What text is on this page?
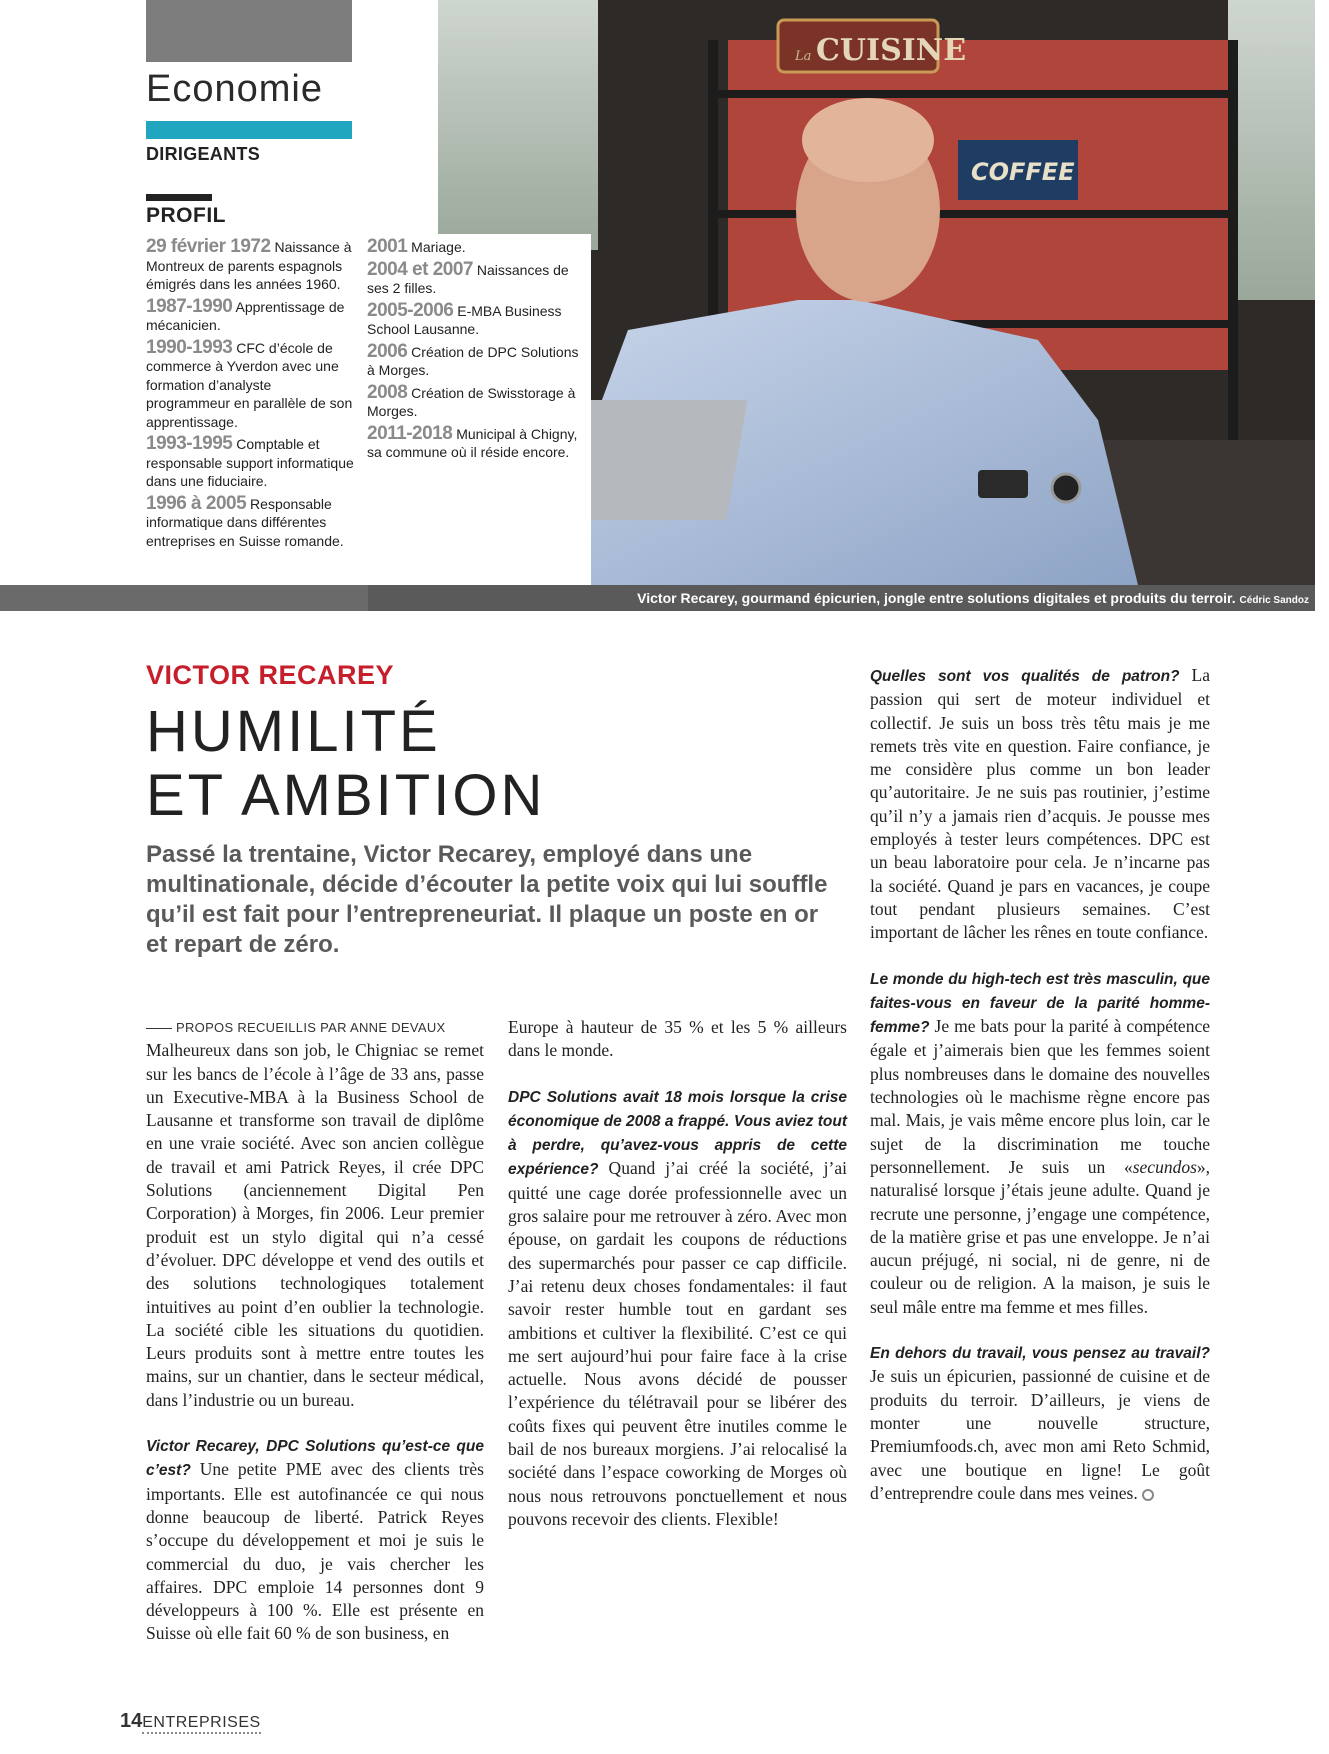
Economie
DIRIGEANTS
PROFIL
La CUISINE
COFFEE

29 février 1972 Naissance à Montreux de parents espagnols émigrés dans les années 1960.

1987-1990 Apprentissage de mécanicien.

1990-1993 CFC d’école de commerce à Yverdon avec une formation d’analyste programmeur en parallèle de son apprentissage.

1993-1995 Comptable et responsable support informatique dans une fiduciaire.

1996 à 2005 Responsable informatique dans différentes entreprises en Suisse romande.

2001 Mariage.

2004 et 2007 Naissances de ses 2 filles.

2005-2006 E-MBA Business School Lausanne.

2006 Création de DPC Solutions à Morges.

2008 Création de Swisstorage à Morges.

2011-2018 Municipal à Chigny, sa commune où il réside encore.

Victor Recarey, gourmand épicurien, jongle entre solutions digitales et produits du terroir. Cédric Sandoz
VICTOR RECAREY
HUMILITÉ
ET AMBITION
Passé la trentaine, Victor Recarey, employé dans une multinationale, décide d’écouter la petite voix qui lui souffle qu’il est fait pour l’entrepreneuriat. Il plaque un poste en or et repart de zéro.
PROPOS RECUEILLIS PAR ANNE DEVAUX

Malheureux dans son job, le Chigniac se remet sur les bancs de l’école à l’âge de 33 ans, passe un Executive-MBA à la Business School de Lausanne et transforme son travail de diplôme en une vraie société. Avec son ancien collègue de travail et ami Patrick Reyes, il crée DPC Solutions (anciennement Digital Pen Corporation) à Morges, fin 2006. Leur premier produit est un stylo digital qui n’a cessé d’évoluer. DPC développe et vend des outils et des solutions technologiques totalement intuitives au point d’en oublier la technologie. La société cible les situations du quotidien. Leurs produits sont à mettre entre toutes les mains, sur un chantier, dans le secteur médical, dans l’industrie ou un bureau.

Victor Recarey, DPC Solutions qu’est-ce que c’est? Une petite PME avec des clients très importants. Elle est autofinancée ce qui nous donne beaucoup de liberté. Patrick Reyes s’occupe du développement et moi je suis le commercial du duo, je vais chercher les affaires. DPC emploie 14 personnes dont 9 développeurs à 100 %. Elle est présente en Suisse où elle fait 60 % de son business, en

Europe à hauteur de 35 % et les 5 % ailleurs dans le monde.

DPC Solutions avait 18 mois lorsque la crise économique de 2008 a frappé. Vous aviez tout à perdre, qu’avez-vous appris de cette expérience? Quand j’ai créé la société, j’ai quitté une cage dorée professionnelle avec un gros salaire pour me retrouver à zéro. Avec mon épouse, on gardait les coupons de réductions des supermarchés pour passer ce cap difficile. J’ai retenu deux choses fondamentales: il faut savoir rester humble tout en gardant ses ambitions et cultiver la flexibilité. C’est ce qui me sert aujourd’hui pour faire face à la crise actuelle. Nous avons décidé de pousser l’expérience du télétravail pour se libérer des coûts fixes qui peuvent être inutiles comme le bail de nos bureaux morgiens. J’ai relocalisé la société dans l’espace coworking de Morges où nous nous retrouvons ponctuellement et nous pouvons recevoir des clients. Flexible!

Quelles sont vos qualités de patron? La passion qui sert de moteur individuel et collectif. Je suis un boss très têtu mais je me remets très vite en question. Faire confiance, je me considère plus comme un bon leader qu’autoritaire. Je ne suis pas routinier, j’estime qu’il n’y a jamais rien d’acquis. Je pousse mes employés à tester leurs compétences. DPC est un beau laboratoire pour cela. Je n’incarne pas la société. Quand je pars en vacances, je coupe tout pendant plusieurs semaines. C’est important de lâcher les rênes en toute confiance.

Le monde du high-tech est très masculin, que faites-vous en faveur de la parité homme-femme? Je me bats pour la parité à compétence égale et j’aimerais bien que les femmes soient plus nombreuses dans le domaine des nouvelles technologies où le machisme règne encore pas mal. Mais, je vais même encore plus loin, car le sujet de la discrimination me touche personnellement. Je suis un «secundos», naturalisé lorsque j’étais jeune adulte. Quand je recrute une personne, j’engage une compétence, de la matière grise et pas une enveloppe. Je n’ai aucun préjugé, ni social, ni de genre, ni de couleur ou de religion. A la maison, je suis le seul mâle entre ma femme et mes filles.

En dehors du travail, vous pensez au travail? Je suis un épicurien, passionné de cuisine et de produits du terroir. D’ailleurs, je viens de monter une nouvelle structure, Premiumfoods.ch, avec mon ami Reto Schmid, avec une boutique en ligne! Le goût d’entreprendre coule dans mes veines.

14ENTREPRISES
